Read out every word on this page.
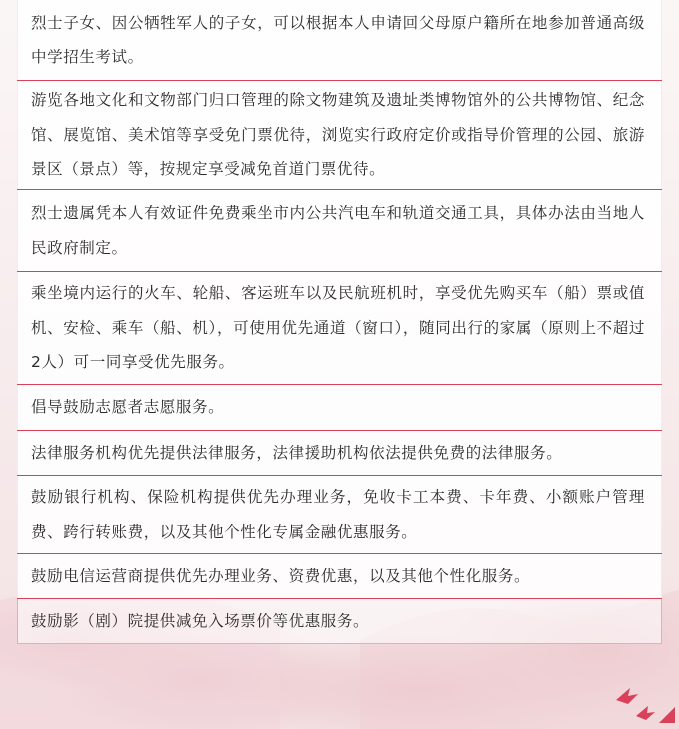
烈士子女、因公牺牲军人的子女，可以根据本人申请回父母原户籍所在地参加普通高级中学招生考试。
游览各地文化和文物部门归口管理的除文物建筑及遗址类博物馆外的公共博物馆、纪念馆、展览馆、美术馆等享受免门票优待，浏览实行政府定价或指导价管理的公园、旅游景区（景点）等，按规定享受减免首道门票优待。
烈士遗属凭本人有效证件免费乘坐市内公共汽电车和轨道交通工具，具体办法由当地人民政府制定。
乘坐境内运行的火车、轮船、客运班车以及民航班机时，享受优先购买车（船）票或值机、安检、乘车（船、机），可使用优先通道（窗口），随同出行的家属（原则上不超过2人）可一同享受优先服务。
倡导鼓励志愿者志愿服务。
法律服务机构优先提供法律服务，法律援助机构依法提供免费的法律服务。
鼓励银行机构、保险机构提供优先办理业务，免收卡工本费、卡年费、小额账户管理费、跨行转账费，以及其他个性化专属金融优惠服务。
鼓励电信运营商提供优先办理业务、资费优惠，以及其他个性化服务。
鼓励影（剧）院提供减免入场票价等优惠服务。
